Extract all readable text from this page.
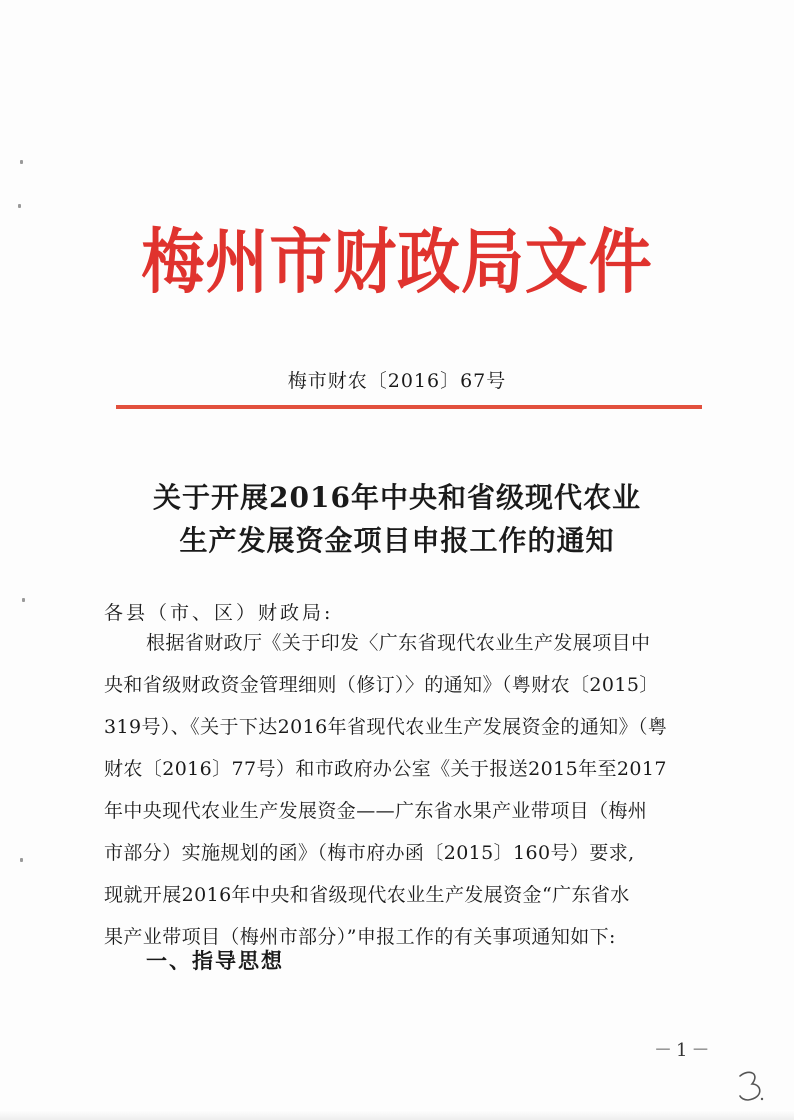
梅州市财政局文件
梅市财农〔2016〕67号
关于开展2016年中央和省级现代农业
生产发展资金项目申报工作的通知
各县（市、区）财政局:
根据省财政厅《关于印发〈广东省现代农业生产发展项目中
央和省级财政资金管理细则（修订）〉的通知》（粤财农〔2015〕
319号）、《关于下达2016年省现代农业生产发展资金的通知》（粤
财农〔2016〕77号）和市政府办公室《关于报送2015年至2017
年中央现代农业生产发展资金——广东省水果产业带项目（梅州
市部分）实施规划的函》（梅市府办函〔2015〕160号）要求,
现就开展2016年中央和省级现代农业生产发展资金“广东省水
果产业带项目（梅州市部分）”申报工作的有关事项通知如下:
一、指导思想
－1－
